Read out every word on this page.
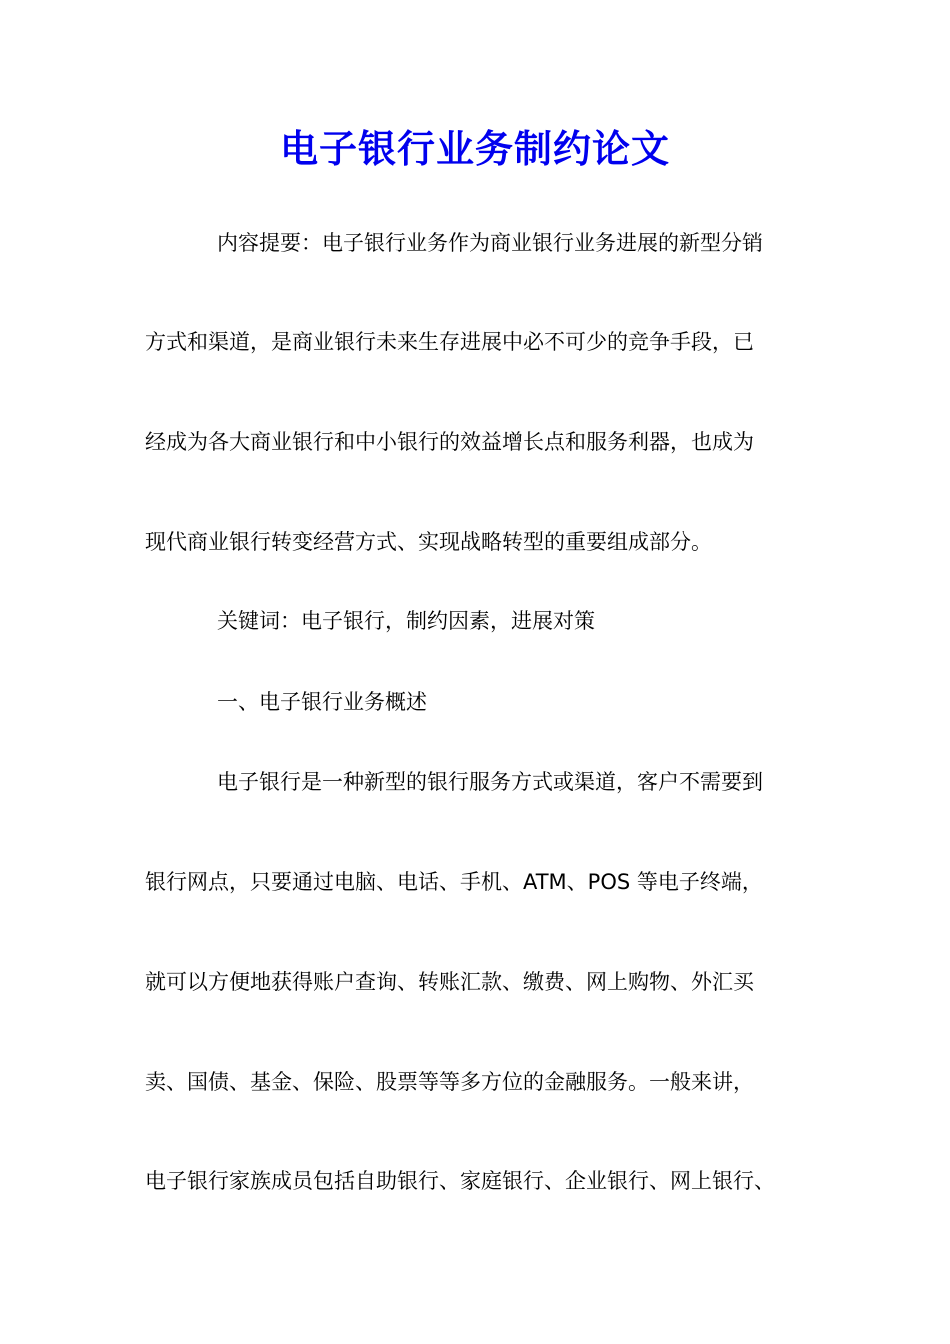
电子银行业务制约论文
内容提要：电子银行业务作为商业银行业务进展的新型分销
方式和渠道，是商业银行未来生存进展中必不可少的竞争手段，已
经成为各大商业银行和中小银行的效益增长点和服务利器，也成为
现代商业银行转变经营方式、实现战略转型的重要组成部分。
关键词：电子银行，制约因素，进展对策
一、电子银行业务概述
电子银行是一种新型的银行服务方式或渠道，客户不需要到
银行网点，只要通过电脑、电话、手机、ATM、POS 等电子终端，
就可以方便地获得账户查询、转账汇款、缴费、网上购物、外汇买
卖、国债、基金、保险、股票等等多方位的金融服务。一般来讲，
电子银行家族成员包括自助银行、家庭银行、企业银行、网上银行、
